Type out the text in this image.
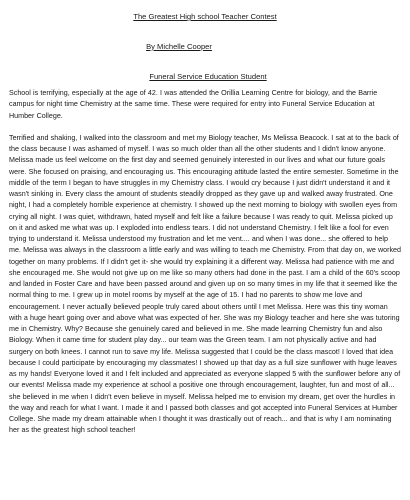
The Greatest High school Teacher Contest
By Michelle Cooper
Funeral Service Education Student

School is terrifying, especially at the age of 42. I was attended the Orillia Learning Centre for biology, and the Barrie campus for night time Chemistry at the same time. These were required for entry into Funeral Service Education at Humber College.

Terrified and shaking, I walked into the classroom and met my Biology teacher, Ms Melissa Beacock. I sat at to the back of the class because I was ashamed of myself. I was so much older than all the other students and I didn't know anyone. Melissa made us feel welcome on the first day and seemed genuinely interested in our lives and what our future goals were. She focused on praising, and encouraging us. This encouraging attitude lasted the entire semester. Sometime in the middle of the term I began to have struggles in my Chemistry class. I would cry because I just didn't understand it and it wasn't sinking in. Every class the amount of students steadily dropped as they gave up and walked away frustrated. One night, I had a completely horrible experience at chemistry. I showed up the next morning to biology with swollen eyes from crying all night. I was quiet, withdrawn, hated myself and felt like a failure because I was ready to quit. Melissa picked up on it and asked me what was up. I exploded into endless tears. I did not understand Chemistry. I felt like a fool for even trying to understand it. Melissa understood my frustration and let me vent.... and when I was done... she offered to help me. Melissa was always in the classroom a little early and was willing to teach me Chemistry. From that day on, we worked together on many problems. If I didn't get it- she would try explaining it a different way. Melissa had patience with me and she encouraged me. She would not give up on me like so many others had done in the past. I am a child of the 60's scoop and landed in Foster Care and have been passed around and given up on so many times in my life that it seemed like the normal thing to me. I grew up in motel rooms by myself at the age of 15. I had no parents to show me love and encouragement. I never actually believed people truly cared about others until I met Melissa. Here was this tiny woman with a huge heart going over and above what was expected of her. She was my Biology teacher and here she was tutoring me in Chemistry. Why? Because she genuinely cared and believed in me. She made learning Chemistry fun and also Biology. When it came time for student play day... our team was the Green team. I am not physically active and had surgery on both knees. I cannot run to save my life. Melissa suggested that I could be the class mascot! I loved that idea because I could participate by encouraging my classmates! I showed up that day as a full size sunflower with huge leaves as my hands! Everyone loved it and I felt included and appreciated as everyone slapped 5 with the sunflower before any of our events! Melissa made my experience at school a positive one through encouragement, laughter, fun and most of all... she believed in me when I didn't even believe in myself. Melissa helped me to envision my dream, get over the hurdles in the way and reach for what I want. I made it and I passed both classes and got accepted into Funeral Services at Humber College. She made my dream attainable when I thought it was drastically out of reach... and that is why I am nominating her as the greatest high school teacher!
